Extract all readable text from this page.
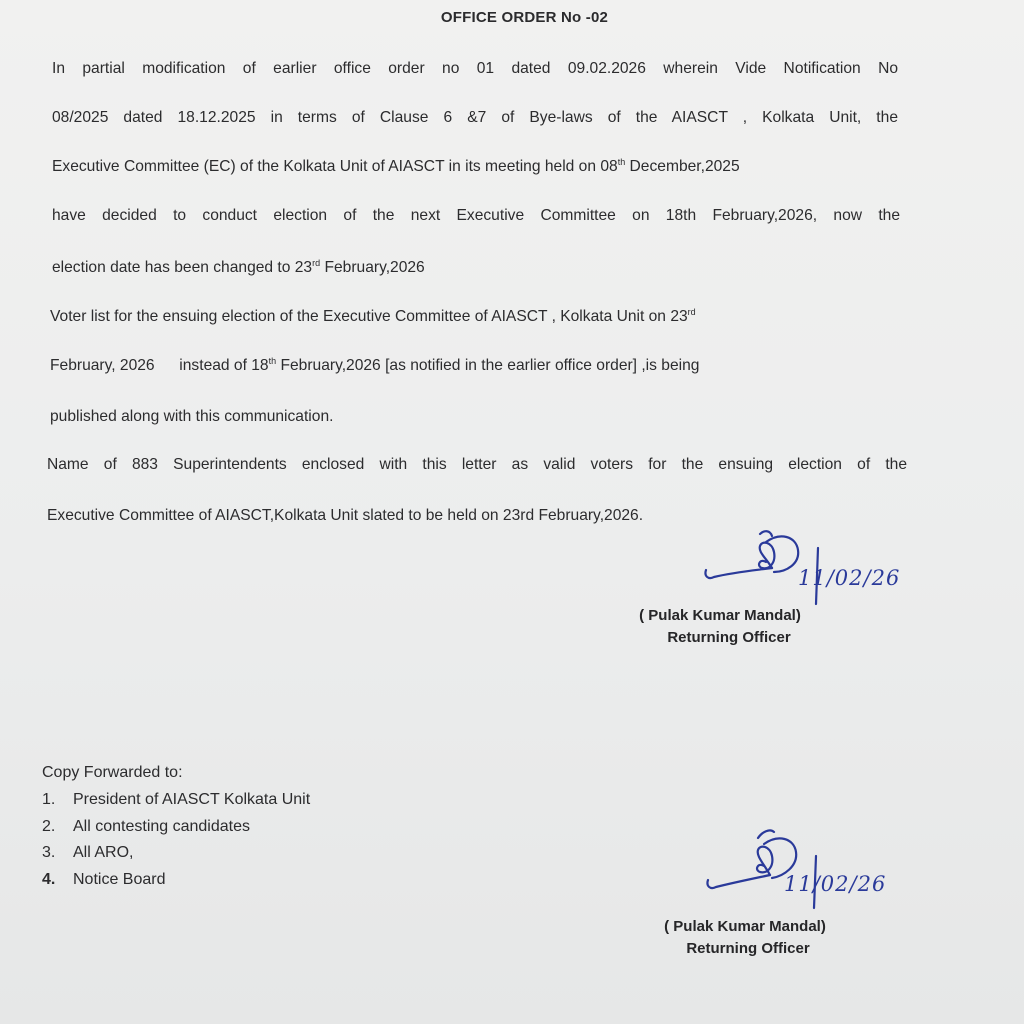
OFFICE ORDER No -02
In partial modification of earlier office order no 01 dated 09.02.2026 wherein Vide Notification No
08/2025 dated 18.12.2025 in terms of Clause 6 &7 of Bye-laws of the AIASCT , Kolkata Unit, the
Executive Committee (EC) of the Kolkata Unit of AIASCT in its meeting held on 08th December,2025
have decided to conduct election of the next Executive Committee on 18th February,2026, now the
election date has been changed to 23rd February,2026
Voter list for the ensuing election of the Executive Committee of AIASCT , Kolkata Unit on 23rd
February, 2026 instead of 18th February,2026 [as notified in the earlier office order] ,is being
published along with this communication.
Name of 883 Superintendents enclosed with this letter as valid voters for the ensuing election of the
Executive Committee of AIASCT,Kolkata Unit slated to be held on 23rd February,2026.
11/02/26
( Pulak Kumar Mandal)
Returning Officer
Copy Forwarded to:
1.	President of AIASCT Kolkata Unit
2.	All contesting candidates
3.	All ARO,
4.	Notice Board	11/02/26
( Pulak Kumar Mandal)
Returning Officer
